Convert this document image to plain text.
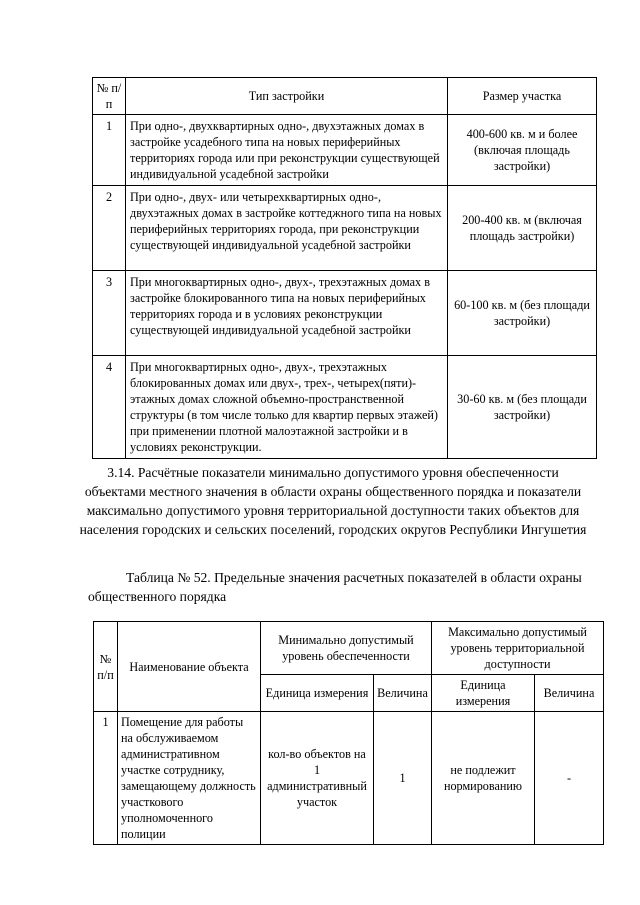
№ п/п	Тип застройки	Размер участка
1	При одно-, двухквартирных одно-, двухэтажных домах в застройке усадебного типа на новых периферийных территориях города или при реконструкции существующей индивидуальной усадебной застройки	400-600 кв. м и более (включая площадь застройки)
2	При одно-, двух- или четырехквартирных одно-, двухэтажных домах в застройке коттеджного типа на новых периферийных территориях города, при реконструкции существующей индивидуальной усадебной застройки	200-400 кв. м (включая площадь застройки)
3	При многоквартирных одно-, двух-, трехэтажных домах в застройке блокированного типа на новых периферийных территориях города и в условиях реконструкции существующей индивидуальной усадебной застройки	60-100 кв. м (без площади застройки)
4	При многоквартирных одно-, двух-, трехэтажных блокированных домах или двух-, трех-, четырех(пяти)-этажных домах сложной объемно-пространственной структуры (в том числе только для квартир первых этажей) при применении плотной малоэтажной застройки и в условиях реконструкции.	30-60 кв. м (без площади застройки)
3.14. Расчётные показатели минимально допустимого уровня обеспеченности объектами местного значения в области охраны общественного порядка и показатели максимально допустимого уровня территориальной доступности таких объектов для населения городских и сельских поселений, городских округов Республики Ингушетия
Таблица № 52. Предельные значения расчетных показателей в области охраны общественного порядка
№ п/п	Наименование объекта	Минимально допустимый уровень обеспеченности		Максимально допустимый уровень территориальной доступности	
		Единица измерения	Величина	Единица измерения	Величина
1	Помещение для работы на обслуживаемом административном участке сотруднику, замещающему должность участкового уполномоченного полиции	кол-во объектов на 1 административный участок	1	не подлежит нормированию	-
